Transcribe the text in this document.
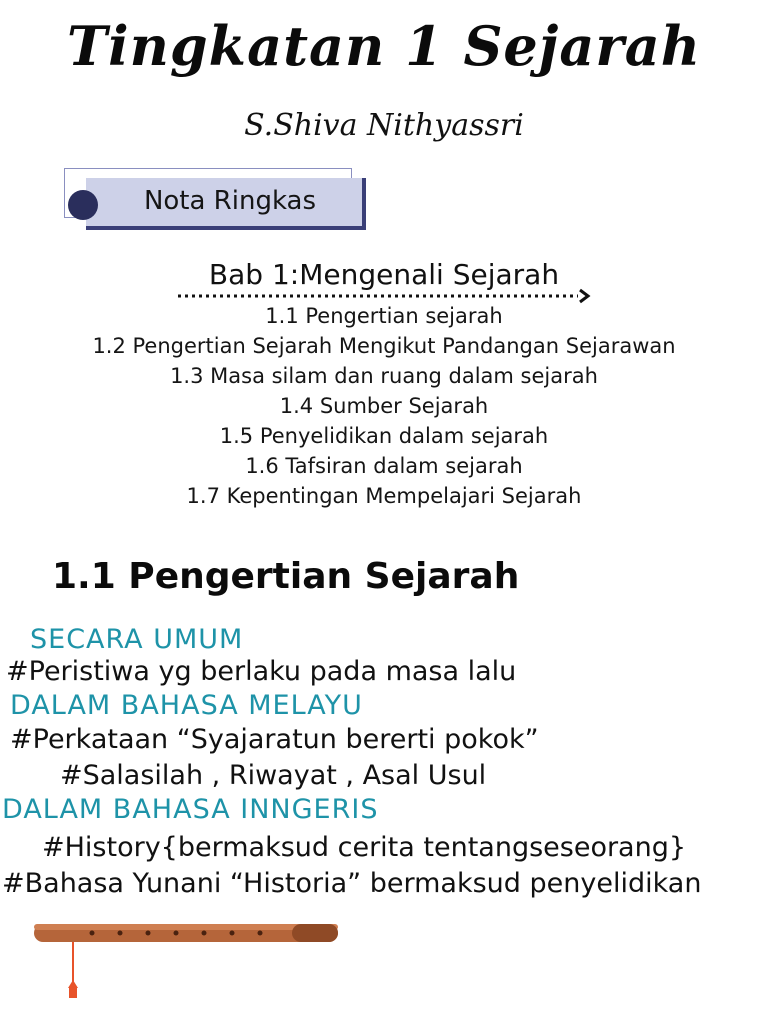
Tingkatan 1 Sejarah
S.Shiva Nithyassri
Nota Ringkas
Bab 1:Mengenali Sejarah
1.1 Pengertian sejarah
1.2 Pengertian Sejarah Mengikut Pandangan Sejarawan
1.3 Masa silam dan ruang dalam sejarah
1.4 Sumber Sejarah
1.5 Penyelidikan dalam sejarah
1.6 Tafsiran dalam sejarah
1.7 Kepentingan Mempelajari Sejarah
1.1 Pengertian Sejarah
SECARA UMUM
#Peristiwa yg berlaku pada masa lalu
DALAM BAHASA MELAYU
#Perkataan “Syajaratun bererti pokok”
#Salasilah , Riwayat , Asal Usul
DALAM BAHASA INNGERIS
#History{bermaksud cerita tentangseseorang}
#Bahasa Yunani “Historia” bermaksud penyelidikan
